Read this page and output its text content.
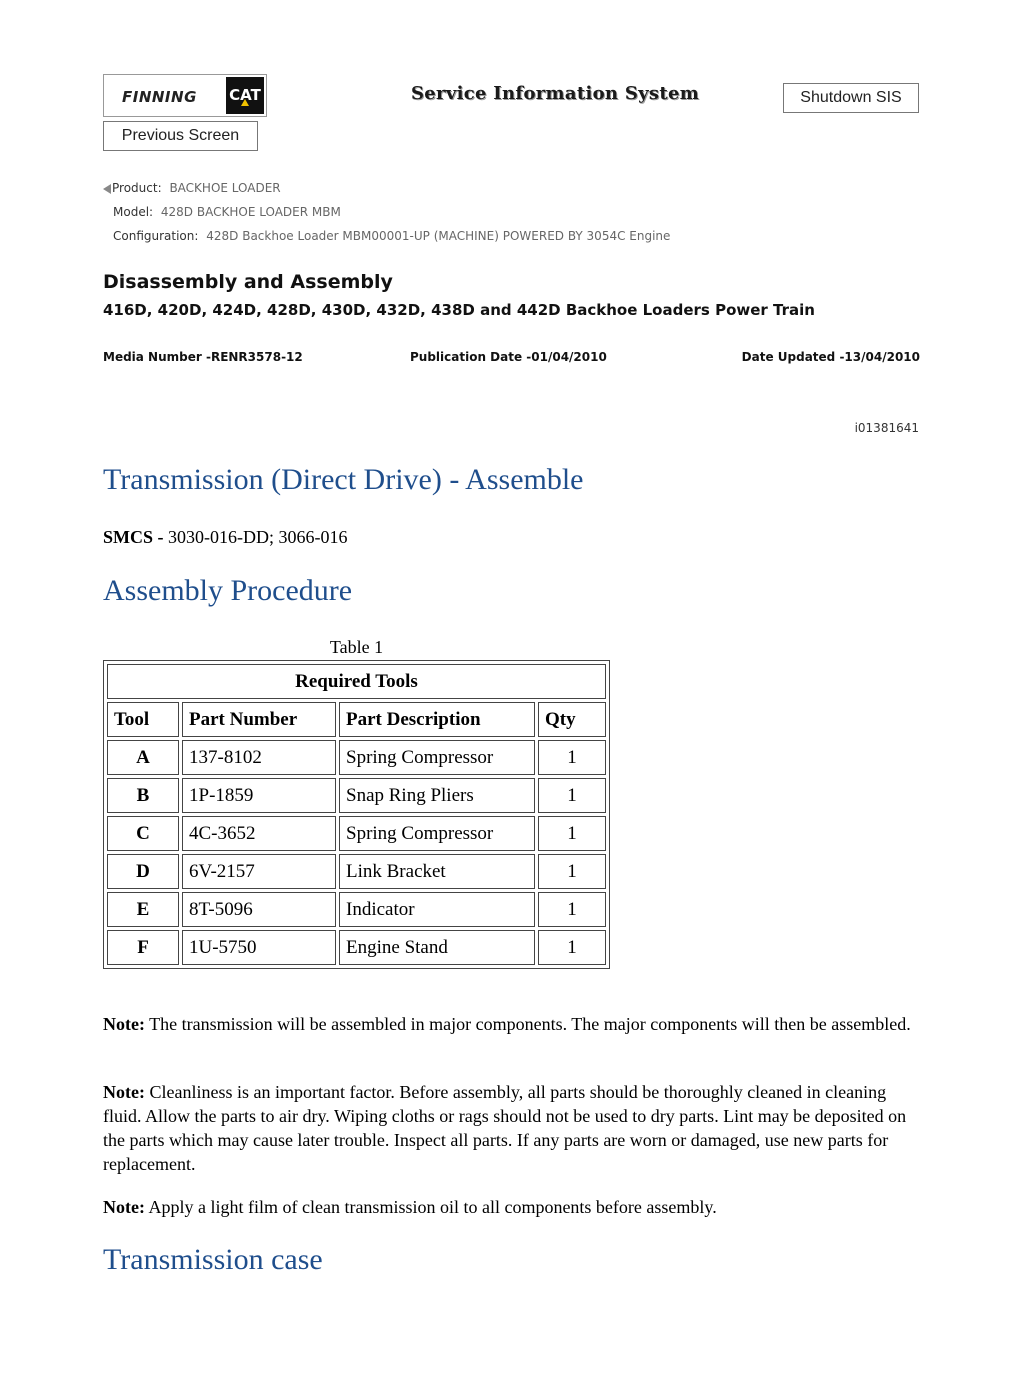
FINNING CAT	Service Information System	Shutdown SIS
Previous Screen
Product: BACKHOE LOADER
Model: 428D BACKHOE LOADER MBM
Configuration: 428D Backhoe Loader MBM00001-UP (MACHINE) POWERED BY 3054C Engine
Disassembly and Assembly
416D, 420D, 424D, 428D, 430D, 432D, 438D and 442D Backhoe Loaders Power Train
Media Number -RENR3578-12	Publication Date -01/04/2010	Date Updated -13/04/2010
i01381641
Transmission (Direct Drive) - Assemble
SMCS - 3030-016-DD; 3066-016
Assembly Procedure
Table 1
Required Tools			
Tool	Part Number	Part Description	Qty
A	137-8102	Spring Compressor	1
B	1P-1859	Snap Ring Pliers	1
C	4C-3652	Spring Compressor	1
D	6V-2157	Link Bracket	1
E	8T-5096	Indicator	1
F	1U-5750	Engine Stand	1

Note: The transmission will be assembled in major components. The major components will then be assembled.

Note: Cleanliness is an important factor. Before assembly, all parts should be thoroughly cleaned in cleaning fluid. Allow the parts to air dry. Wiping cloths or rags should not be used to dry parts. Lint may be deposited on the parts which may cause later trouble. Inspect all parts. If any parts are worn or damaged, use new parts for replacement.

Note: Apply a light film of clean transmission oil to all components before assembly.

Transmission case
